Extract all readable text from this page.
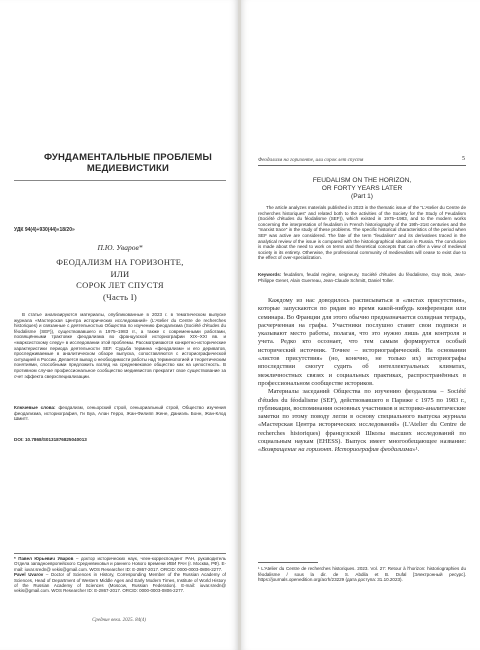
ФУНДАМЕНТАЛЬНЫЕ ПРОБЛЕМЫ
МЕДИЕВИСТИКИ
УДК 94(4)+930(44)«18/20»
П.Ю. Уваров*
ФЕОДАЛИЗМ НА ГОРИЗОНТЕ,
ИЛИ
СОРОК ЛЕТ СПУСТЯ
(Часть I)

В статье анализируются материалы, опубликованные в 2023 г. в тематическом выпуске журнала «Мастерская Центра исторических исследований» (L'Atelier du Centre de recherches historiques) и связанные с деятельностью Общества по изучению феодализма (Société d'études du féodalisme (SEF)), существовавшего в 1975–1983 гг., а также с современными работами, посвящёнными трактовке феодализма во французской историографии XIX–XXI вв. и «марксистскому следу» в исследовании этой проблемы. Рассматриваются конкретно-исторические характеристики периода деятельности SEF. Судьба термина «феодализм» и его дериватов, проследживаемые в аналитическом обзоре выпуска, сопоставляются с историографической ситуацией в России. Делается вывод о необходимости работы над терминологией и теоретическим понятиями, способными предложить взгляд на средневековое общество как на целостность. В противном случае профессиональное сообщество медиевистов прекратит свое существование за счет эффекта сверхспециализации.

Ключевые слова: феодализм, сеньорский строй, сеньориальный строй, Общество изучения феодализма, историография, Ги Буа, Алан Герро, Жан-Филипп Жене, Даниэль Бонн, Жан-Клод Шмитт.
DOI: 10.7868/S0131876825040013

* Павел Юрьевич Уваров – доктор исторических наук, член-корреспондент РАН, руководитель Отдела западноевропейского Средневековья и раннего Нового времени ИВИ РАН (г. Москва, РФ). E-mail: iuvar.sredn@ vekis@gmail.com. WOS Researcher ID: E-2867-2017. ORCID: 0000-0003-0806-2277.

Pavel Uvarov – Doctor of Sciences in History, Corresponding Member of the Russian Academy of Sciences, Head of Department of Western Middle Ages and Early Modern Times, Institute of World History of the Russian Academy of Sciences (Moscow, Russian Federation). E-mail: iuvar.sredn@ vekis@gmail.com. WOS Researcher ID: E-2867-2017. ORCID: 0000-0003-0806-2277.

Средние века. 2025. 84(4)
Феодализм на горизонте, или сорок лет спустя	5
FEUDALISM ON THE HORIZON,
OR FORTY YEARS LATER
(Part 1)

The article analyzes materials published in 2023 in the thematic issue of the "L'Atelier du Centre de recherches historiques" and related both to the activities of the Society for the Study of Feudalism (Société d'études du féodalisme (SEF)), which existed in 1975–1983, and to the modern works concerning the interpretation of feudalism in French historiography of the 19th–21st centuries and the "marxist trace" in the study of these problems. The specific historical characteristics of the period when SEF was active are considered. The fate of the term "feudalism" and its derivatives traced in the analytical review of the issue is compared with the historiographical situation in Russia. The conclusion is made about the need to work on terms and theoretical concepts that can offer a view of medieval society in its entirety. Otherwise, the professional community of medievalists will cease to exist due to the effect of over-specialization.

Keywords: feudalism, feudal regime, seigneury, Société d'études du féodalisme, Guy Bois, Jean-Philippe Genet, Alain Guerreau, Jean-Claude Schmitt, Daniel Toller.

Каждому из нас доводилось расписываться в «листах присутствия», которые запускаются по рядам во время какой-нибудь конференции или семинара. Во Франции для этого обычно предназначается солидная тетрадь, расчерченная на графы. Участники послушно ставят свои подписи и указывают место работы, полагая, что это нужно лишь для контроля и учета. Редко кто осознает, что тем самым формируется особый исторический источник. Точнее – историографический. На основании «листов присутствия» (но, конечно, не только их) историографы впоследствии смогут судить об интеллектуальных климатах, межличностных связях и социальных практиках, распространённых в профессиональном сообществе историков.

Материалы заседаний Общества по изучению феодализма – Société d'études du féodalisme (SEF), действовавшего в Париже с 1975 по 1983 г., публикации, воспоминания основных участников и историко-аналитические заметки по этому поводу легли в основу специального выпуска журнала «Мастерская Центра исторических исследований» (L'Atelier du Centre de recherches historiques) французской Школы высших исследований по социальным наукам (EHESS). Выпуск имеет многообещающее название: «Возвращение на горизонт. Историография феодализма»¹.

¹ L'Atelier du Centre de recherches historiques. 2023. Vol. 27: Retour à l'horizon: historiographies du féodalisme / sous la dir. de S. Abdila et B. Dufal [Электронный ресурс]. https://journals.openedition.org/acrh/23229 (дата доступа: 31.10.2023).
